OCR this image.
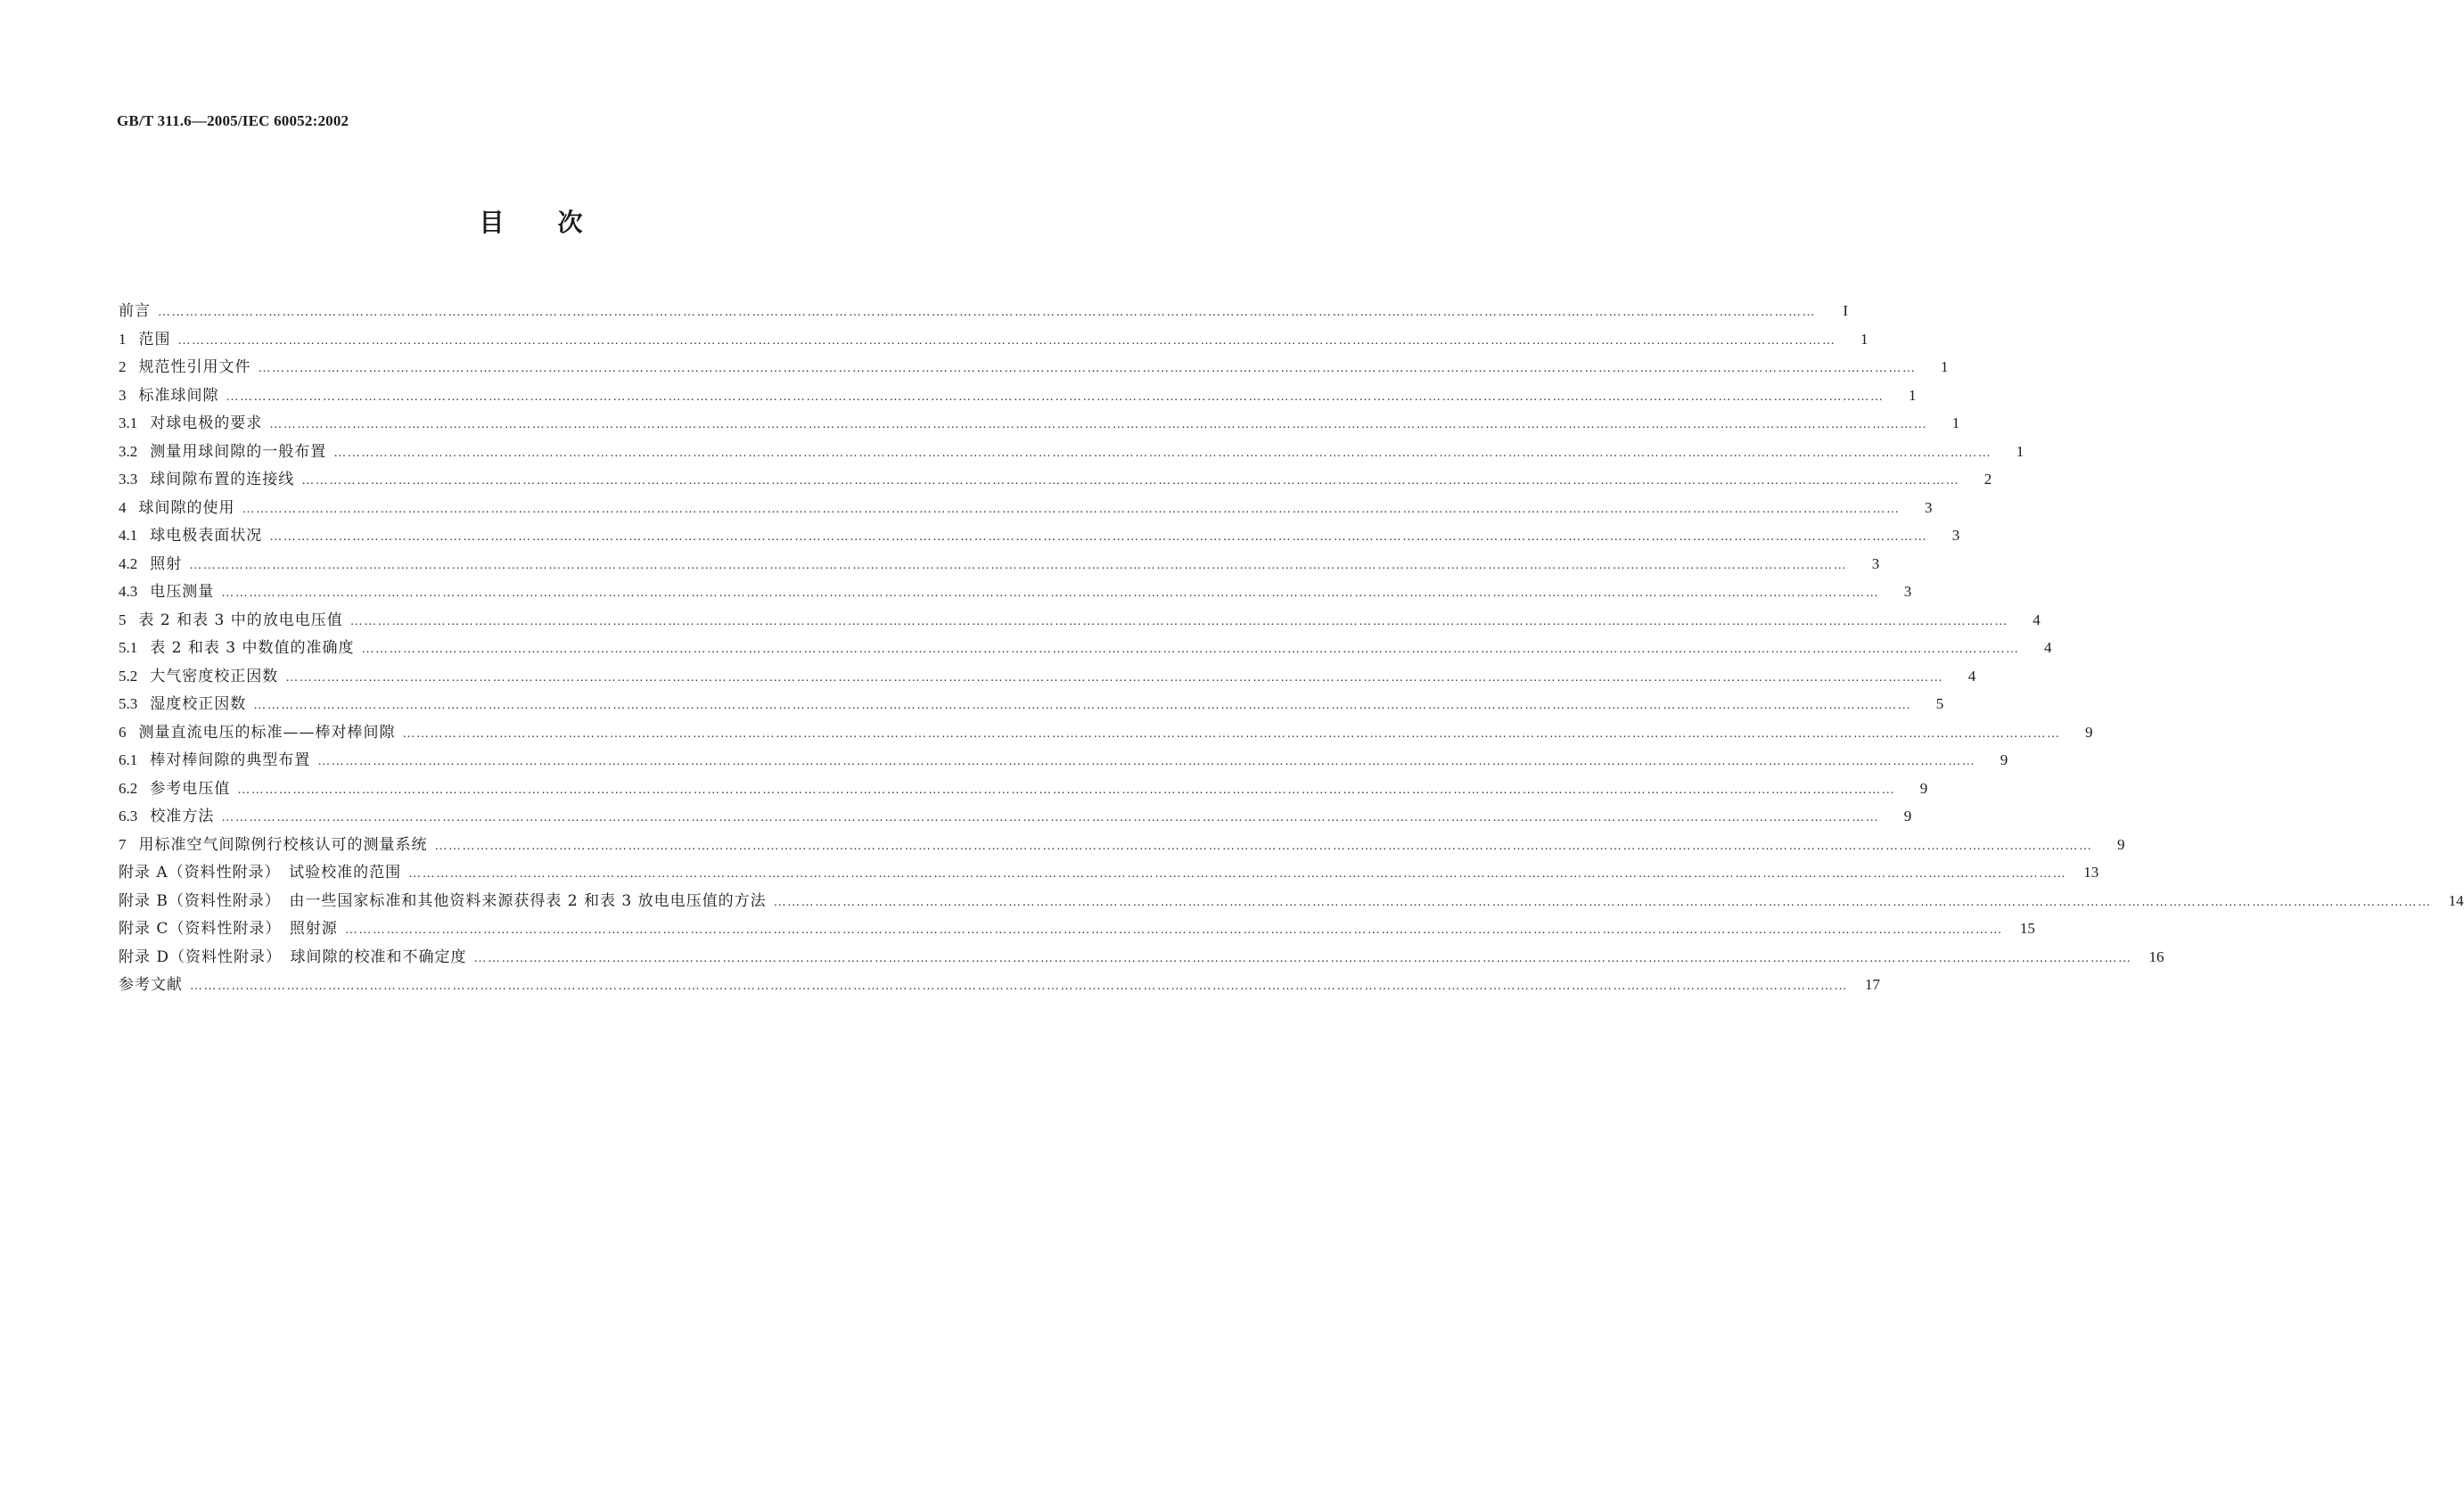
GB/T 311.6—2005/IEC 60052:2002
目次
前言 ………………………………………………………………………………………………………………………………………………………………………………………………………………………………………………………………………………………………………………………………	I
1 范围 ………………………………………………………………………………………………………………………………………………………………………………………………………………………………………………………………………………………………………………………………	1
2 规范性引用文件 ………………………………………………………………………………………………………………………………………………………………………………………………………………………………………………………………………………………………………………………………	1
3 标准球间隙 ………………………………………………………………………………………………………………………………………………………………………………………………………………………………………………………………………………………………………………………………	1
3.1 对球电极的要求 ………………………………………………………………………………………………………………………………………………………………………………………………………………………………………………………………………………………………………………………………	1
3.2 测量用球间隙的一般布置 ………………………………………………………………………………………………………………………………………………………………………………………………………………………………………………………………………………………………………………………………	1
3.3 球间隙布置的连接线 ………………………………………………………………………………………………………………………………………………………………………………………………………………………………………………………………………………………………………………………………	2
4 球间隙的使用 ………………………………………………………………………………………………………………………………………………………………………………………………………………………………………………………………………………………………………………………………	3
4.1 球电极表面状况 ………………………………………………………………………………………………………………………………………………………………………………………………………………………………………………………………………………………………………………………………	3
4.2 照射 ………………………………………………………………………………………………………………………………………………………………………………………………………………………………………………………………………………………………………………………………	3
4.3 电压测量 ………………………………………………………………………………………………………………………………………………………………………………………………………………………………………………………………………………………………………………………………	3
5 表 2 和表 3 中的放电电压值 ………………………………………………………………………………………………………………………………………………………………………………………………………………………………………………………………………………………………………………………………	4
5.1 表 2 和表 3 中数值的准确度 ………………………………………………………………………………………………………………………………………………………………………………………………………………………………………………………………………………………………………………………………	4
5.2 大气密度校正因数 ………………………………………………………………………………………………………………………………………………………………………………………………………………………………………………………………………………………………………………………………	4
5.3 湿度校正因数 ………………………………………………………………………………………………………………………………………………………………………………………………………………………………………………………………………………………………………………………………	5
6 测量直流电压的标准——棒对棒间隙 ………………………………………………………………………………………………………………………………………………………………………………………………………………………………………………………………………………………………………………………………	9
6.1 棒对棒间隙的典型布置 ………………………………………………………………………………………………………………………………………………………………………………………………………………………………………………………………………………………………………………………………	9
6.2 参考电压值 ………………………………………………………………………………………………………………………………………………………………………………………………………………………………………………………………………………………………………………………………	9
6.3 校准方法 ………………………………………………………………………………………………………………………………………………………………………………………………………………………………………………………………………………………………………………………………	9
7 用标准空气间隙例行校核认可的测量系统 ………………………………………………………………………………………………………………………………………………………………………………………………………………………………………………………………………………………………………………………………	9
附录 A（资料性附录）　试验校准的范围 ………………………………………………………………………………………………………………………………………………………………………………………………………………………………………………………………………………………………………………………………	13
附录 B（资料性附录）　由一些国家标准和其他资料来源获得表 2 和表 3 放电电压值的方法 ………………………………………………………………………………………………………………………………………………………………………………………………………………………………………………………………………………………………………………………………	14
附录 C（资料性附录）　照射源 ………………………………………………………………………………………………………………………………………………………………………………………………………………………………………………………………………………………………………………………………	15
附录 D（资料性附录）　球间隙的校准和不确定度 ………………………………………………………………………………………………………………………………………………………………………………………………………………………………………………………………………………………………………………………………	16
参考文献 ………………………………………………………………………………………………………………………………………………………………………………………………………………………………………………………………………………………………………………………………	17
